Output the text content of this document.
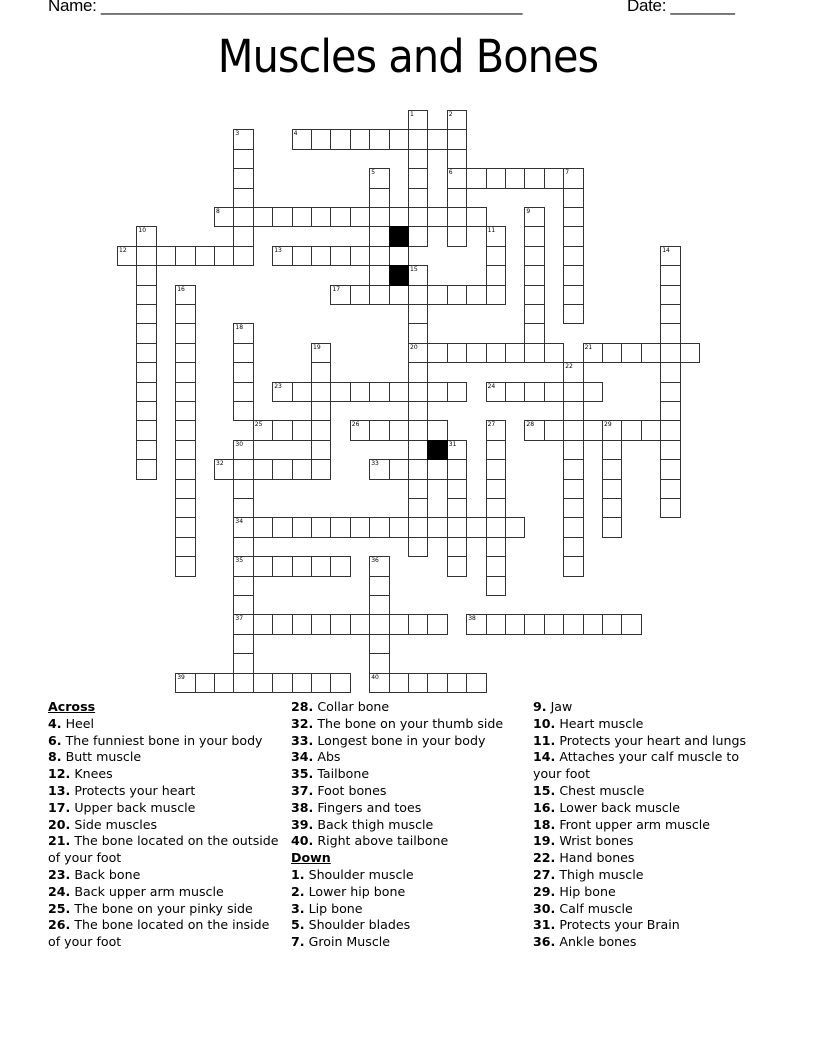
Name: ______________________________________________	Date: _______
Muscles and Bones
4
6	7
8
12	13
17
20	21
23	24
25	26	28	29
32	33
34
35
37	38
39	40
1	2
3
5
9
10	11
14
15
16
18
19
22
27
30	31
36
Across
4. Heel
6. The funniest bone in your body
8. Butt muscle
12. Knees
13. Protects your heart
17. Upper back muscle
20. Side muscles
21. The bone located on the outside of your foot
23. Back bone
24. Back upper arm muscle
25. The bone on your pinky side
26. The bone located on the inside of your foot
28. Collar bone
32. The bone on your thumb side
33. Longest bone in your body
34. Abs
35. Tailbone
37. Foot bones
38. Fingers and toes
39. Back thigh muscle
40. Right above tailbone
Down
1. Shoulder muscle
2. Lower hip bone
3. Lip bone
5. Shoulder blades
7. Groin Muscle
9. Jaw
10. Heart muscle
11. Protects your heart and lungs
14. Attaches your calf muscle to your foot
15. Chest muscle
16. Lower back muscle
18. Front upper arm muscle
19. Wrist bones
22. Hand bones
27. Thigh muscle
29. Hip bone
30. Calf muscle
31. Protects your Brain
36. Ankle bones
